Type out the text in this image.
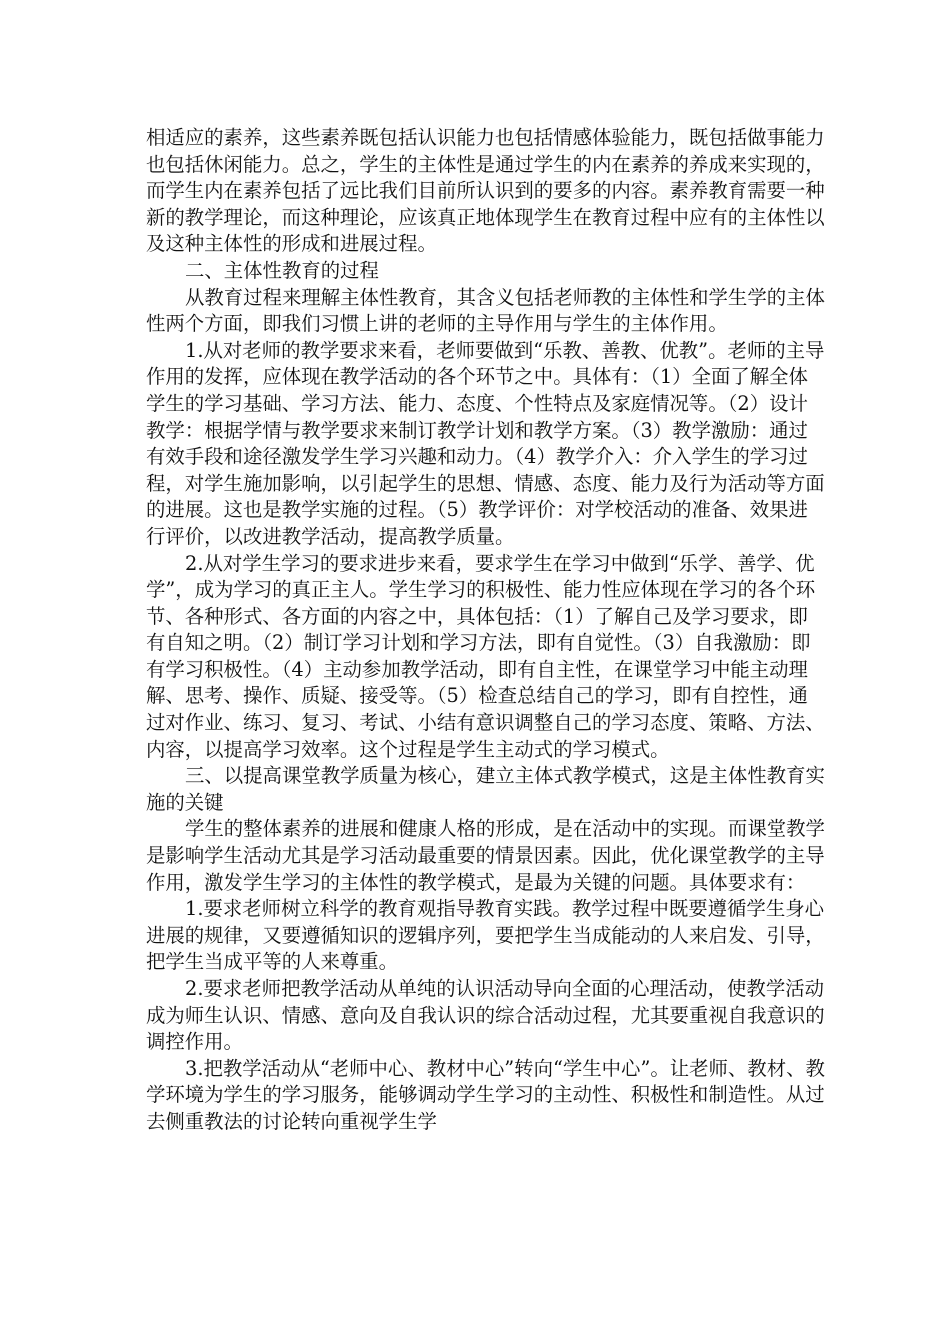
相适应的素养，这些素养既包括认识能力也包括情感体验能力，既包括做事能力也包括休闲能力。总之，学生的主体性是通过学生的内在素养的养成来实现的，而学生内在素养包括了远比我们目前所认识到的要多的内容。素养教育需要一种新的教学理论，而这种理论，应该真正地体现学生在教育过程中应有的主体性以及这种主体性的形成和进展过程。

二、主体性教育的过程

从教育过程来理解主体性教育，其含义包括老师教的主体性和学生学的主体性两个方面，即我们习惯上讲的老师的主导作用与学生的主体作用。

1.从对老师的教学要求来看，老师要做到“乐教、善教、优教”。老师的主导作用的发挥，应体现在教学活动的各个环节之中。具体有：（1）全面了解全体学生的学习基础、学习方法、能力、态度、个性特点及家庭情况等。（2）设计教学：根据学情与教学要求来制订教学计划和教学方案。（3）教学激励：通过有效手段和途径激发学生学习兴趣和动力。（4）教学介入：介入学生的学习过程，对学生施加影响，以引起学生的思想、情感、态度、能力及行为活动等方面的进展。这也是教学实施的过程。（5）教学评价：对学校活动的准备、效果进行评价，以改进教学活动，提高教学质量。

2.从对学生学习的要求进步来看，要求学生在学习中做到“乐学、善学、优学”，成为学习的真正主人。学生学习的积极性、能力性应体现在学习的各个环节、各种形式、各方面的内容之中，具体包括：（1）了解自己及学习要求，即有自知之明。（2）制订学习计划和学习方法，即有自觉性。（3）自我激励：即有学习积极性。（4）主动参加教学活动，即有自主性，在课堂学习中能主动理解、思考、操作、质疑、接受等。（5）检查总结自己的学习，即有自控性，通过对作业、练习、复习、考试、小结有意识调整自己的学习态度、策略、方法、内容，以提高学习效率。这个过程是学生主动式的学习模式。

三、以提高课堂教学质量为核心，建立主体式教学模式，这是主体性教育实施的关键

学生的整体素养的进展和健康人格的形成，是在活动中的实现。而课堂教学是影响学生活动尤其是学习活动最重要的情景因素。因此，优化课堂教学的主导作用，激发学生学习的主体性的教学模式，是最为关键的问题。具体要求有：

1.要求老师树立科学的教育观指导教育实践。教学过程中既要遵循学生身心进展的规律，又要遵循知识的逻辑序列，要把学生当成能动的人来启发、引导，把学生当成平等的人来尊重。

2.要求老师把教学活动从单纯的认识活动导向全面的心理活动，使教学活动成为师生认识、情感、意向及自我认识的综合活动过程，尤其要重视自我意识的调控作用。

3.把教学活动从“老师中心、教材中心”转向“学生中心”。让老师、教材、教学环境为学生的学习服务，能够调动学生学习的主动性、积极性和制造性。从过去侧重教法的讨论转向重视学生学
